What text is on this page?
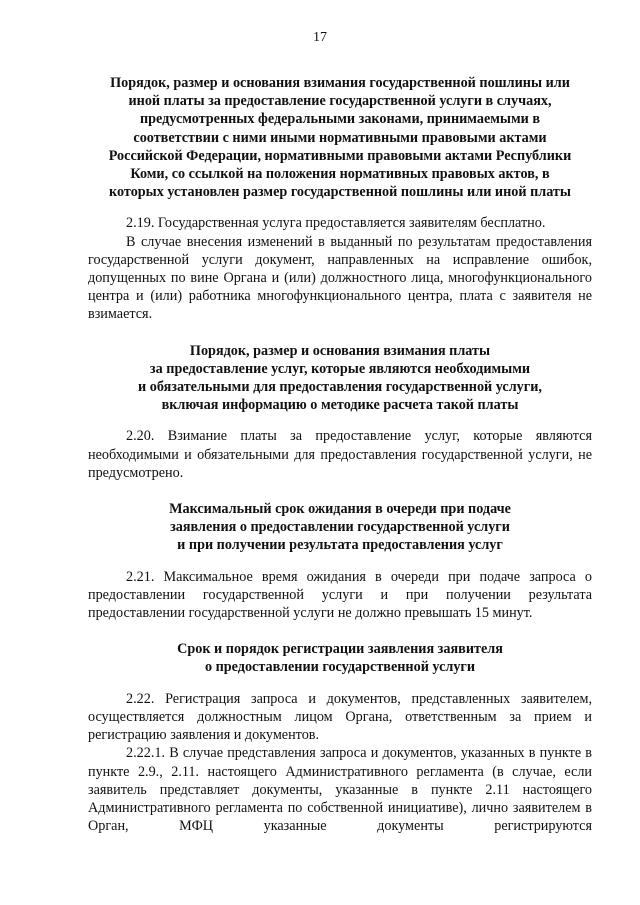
17
Порядок, размер и основания взимания государственной пошлины или
иной платы за предоставление государственной услуги в случаях,
предусмотренных федеральными законами, принимаемыми в
соответствии с ними иными нормативными правовыми актами
Российской Федерации, нормативными правовыми актами Республики
Коми, со ссылкой на положения нормативных правовых актов, в
которых установлен размер государственной пошлины или иной платы

2.19. Государственная услуга предоставляется заявителям бесплатно.

В случае внесения изменений в выданный по результатам предоставления государственной услуги документ, направленных на исправление ошибок, допущенных по вине Органа и (или) должностного лица, многофункционального центра и (или) работника многофункционального центра, плата с заявителя не взимается.

Порядок, размер и основания взимания платы
за предоставление услуг, которые являются необходимыми
и обязательными для предоставления государственной услуги,
включая информацию о методике расчета такой платы

2.20. Взимание платы за предоставление услуг, которые являются необходимыми и обязательными для предоставления государственной услуги, не предусмотрено.

Максимальный срок ожидания в очереди при подаче
заявления о предоставлении государственной услуги
и при получении результата предоставления услуг

2.21. Максимальное время ожидания в очереди при подаче запроса о предоставлении государственной услуги и при получении результата предоставлении государственной услуги не должно превышать 15 минут.

Срок и порядок регистрации заявления заявителя
о предоставлении государственной услуги

2.22. Регистрация запроса и документов, представленных заявителем, осуществляется должностным лицом Органа, ответственным за прием и регистрацию заявления и документов.

2.22.1. В случае представления запроса и документов, указанных в пункте в пункте 2.9., 2.11. настоящего Административного регламента (в случае, если заявитель представляет документы, указанные в пункте 2.11 настоящего Административного регламента по собственной инициативе), лично заявителем в Орган, МФЦ указанные документы регистрируются
